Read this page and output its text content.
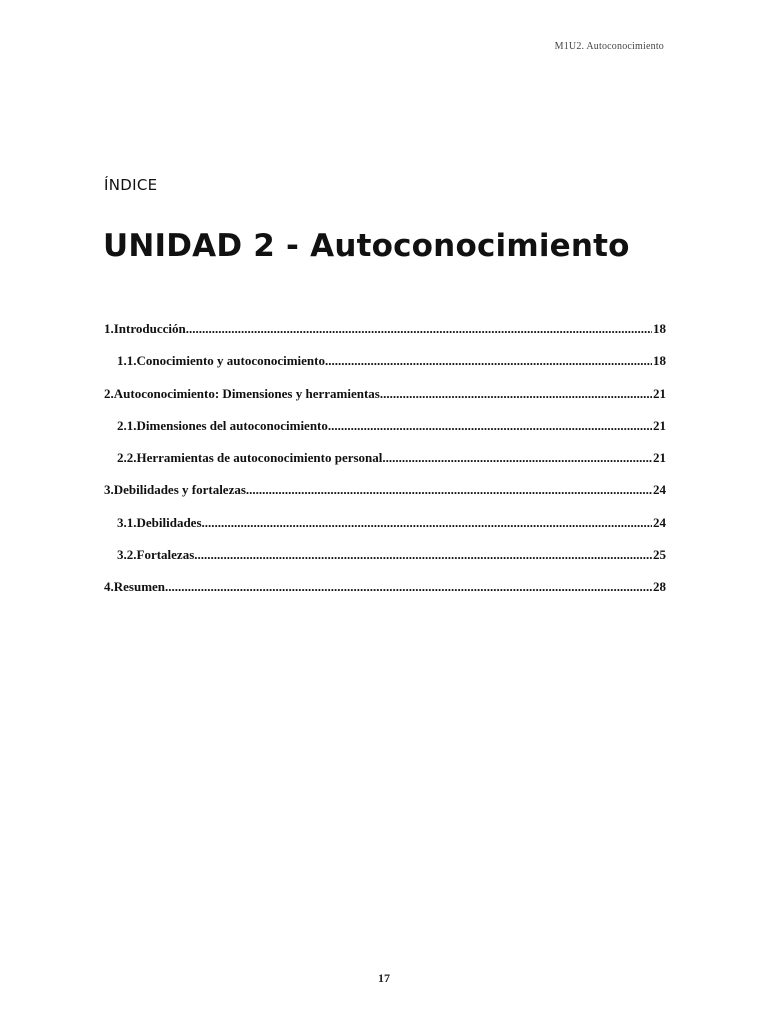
M1U2. Autoconocimiento
ÍNDICE
UNIDAD 2 - Autoconocimiento
1.Introducción .....	18
1.1.Conocimiento y autoconocimiento .....	18
2.Autoconocimiento: Dimensiones y herramientas .....	21
2.1.Dimensiones del autoconocimiento .....	21
2.2.Herramientas de autoconocimiento personal .....	21
3.Debilidades y fortalezas .....	24
3.1.Debilidades .....	24
3.2.Fortalezas .....	25
4.Resumen .....	28
17
